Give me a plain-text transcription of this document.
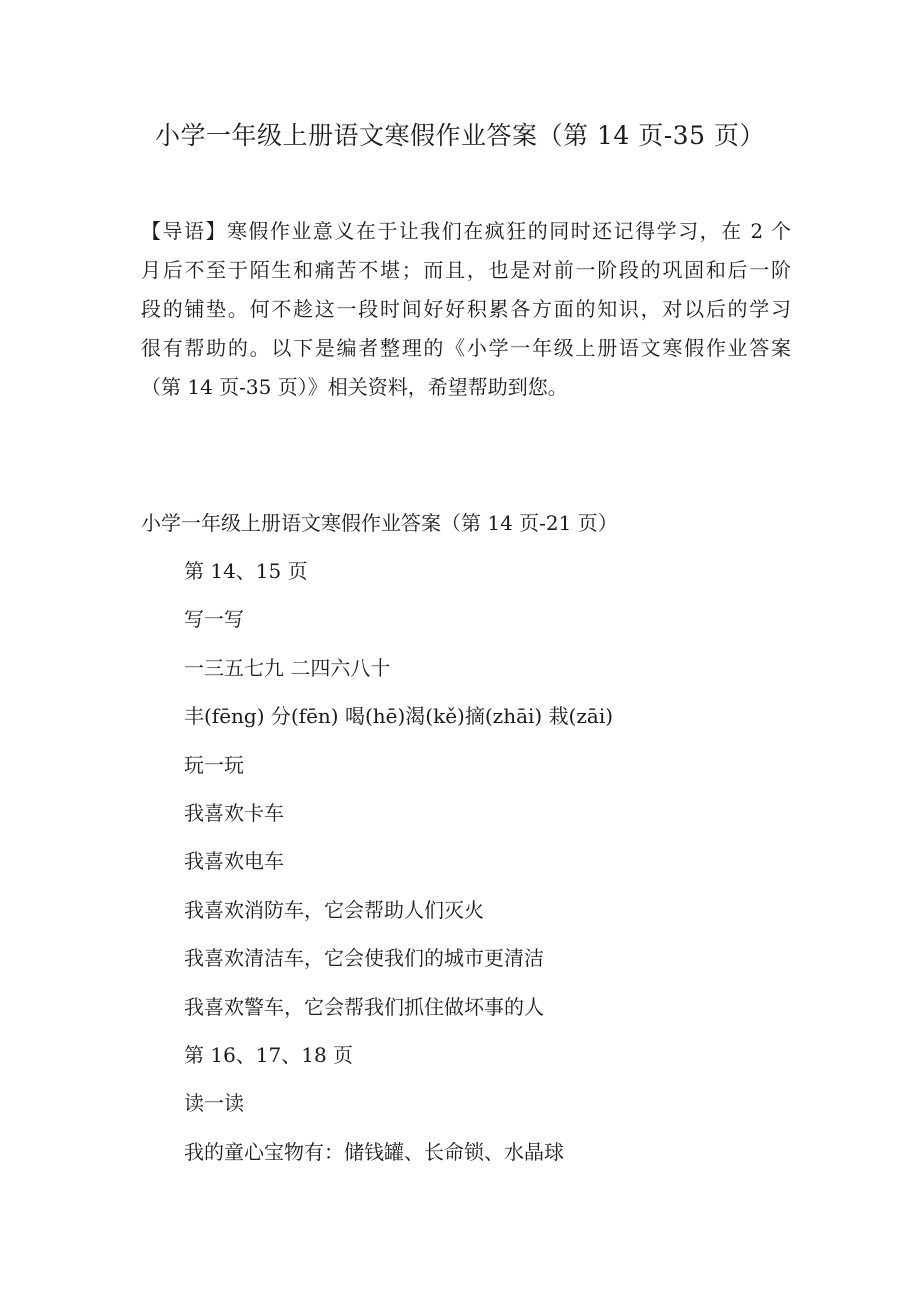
小学一年级上册语文寒假作业答案（第 14 页-35 页）
【导语】寒假作业意义在于让我们在疯狂的同时还记得学习，在 2 个
月后不至于陌生和痛苦不堪；而且，也是对前一阶段的巩固和后一阶
段的铺垫。何不趁这一段时间好好积累各方面的知识，对以后的学习
很有帮助的。以下是编者整理的《小学一年级上册语文寒假作业答案
（第 14 页-35 页）》相关资料，希望帮助到您。
小学一年级上册语文寒假作业答案（第 14 页-21 页）
第 14、15 页
写一写
一三五七九 二四六八十
丰(fēng) 分(fēn) 喝(hē)渴(kě)摘(zhāi) 栽(zāi)
玩一玩
我喜欢卡车
我喜欢电车
我喜欢消防车，它会帮助人们灭火
我喜欢清洁车，它会使我们的城市更清洁
我喜欢警车，它会帮我们抓住做坏事的人
第 16、17、18 页
读一读
我的童心宝物有：储钱罐、长命锁、水晶球
